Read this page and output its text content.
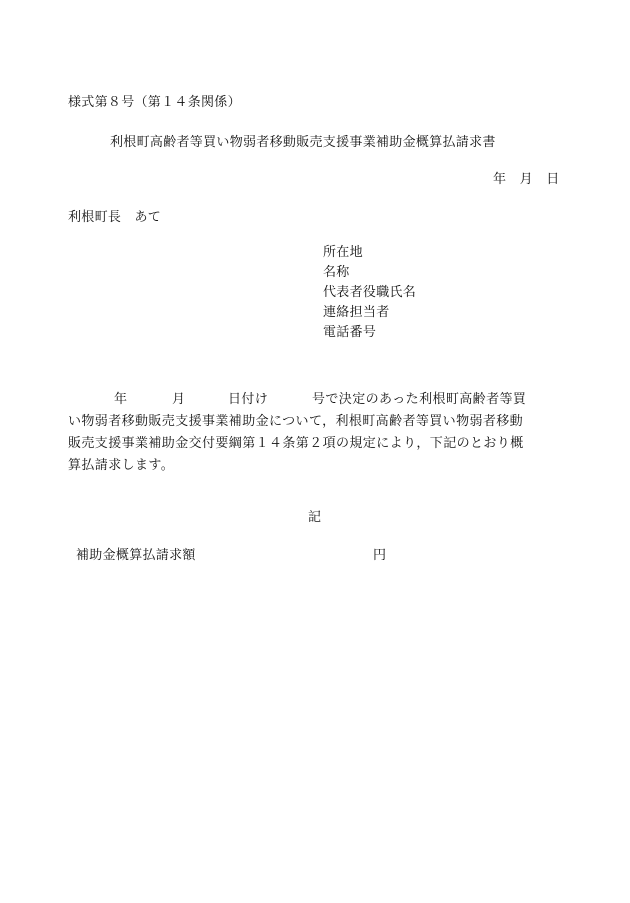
様式第８号（第１４条関係）
利根町高齢者等買い物弱者移動販売支援事業補助金概算払請求書
年　月　日
利根町長　あて
所在地
名称
代表者役職氏名
連絡担当者
電話番号
年	月	日付け	号で決定のあった利根町高齢者等買
い物弱者移動販売支援事業補助金について，利根町高齢者等買い物弱者移動
販売支援事業補助金交付要綱第１４条第２項の規定により，下記のとおり概
算払請求します。
記
補助金概算払請求額	円
